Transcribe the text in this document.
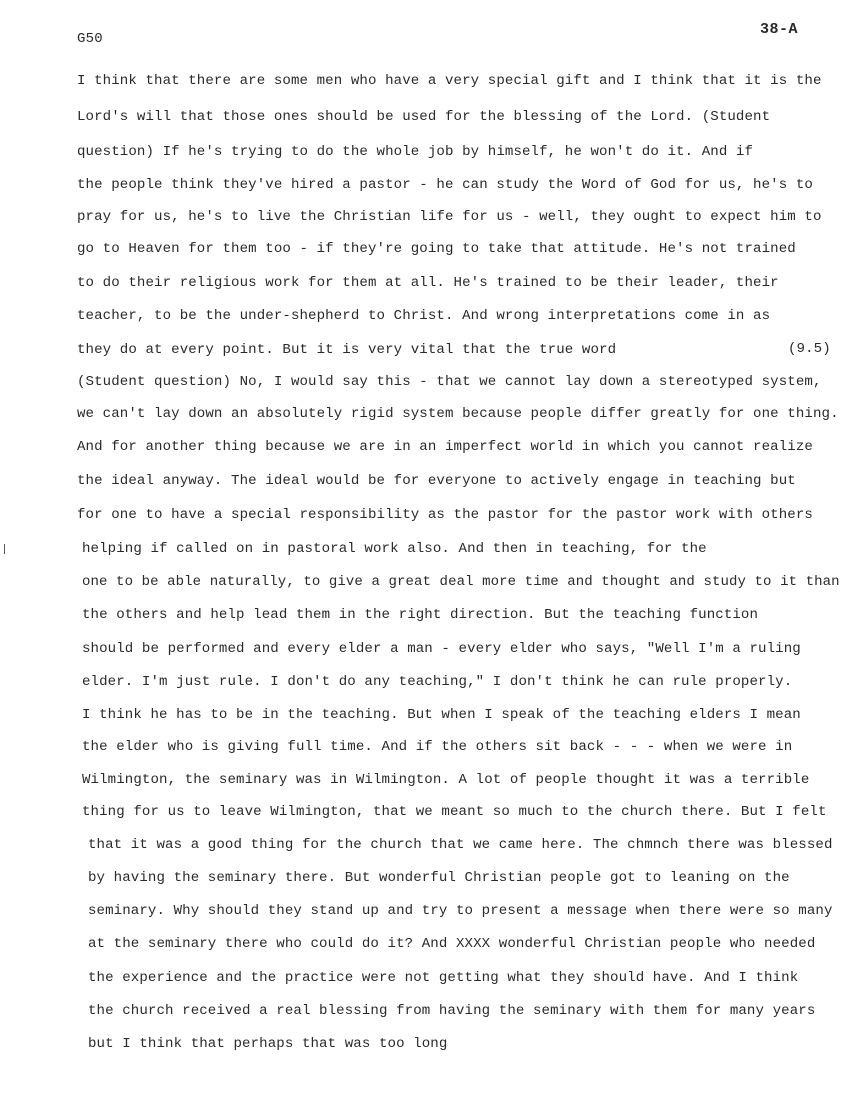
G50
38-A
I think that there are some men who have a very special gift and I think that it is the
Lord's will that those ones should be used for the blessing of the Lord. (Student
question) If he's trying to do the whole job by himself, he won't do it. And if
the people think they've hired a pastor - he can study the Word of God for us, he's to
pray for us, he's to live the Christian life for us - well, they ought to expect him to
go to Heaven for them too - if they're going to take that attitude. He's not trained
to do their religious work for them at all. He's trained to be their leader, their
teacher, to be the under-shepherd to Christ. And wrong interpretations come in as
they do at every point. But it is very vital that the true word	(9.5)
(Student question) No, I would say this - that we cannot lay down a stereotyped system,
we can't lay down an absolutely rigid system because people differ greatly for one thing.
And for another thing because we are in an imperfect world in which you cannot realize
the ideal anyway. The ideal would be for everyone to actively engage in teaching but
for one to have a special responsibility as the pastor for the pastor work with others
helping if called on in pastoral work also. And then in teaching, for the
one to be able naturally, to give a great deal more time and thought and study to it than
the others and help lead them in the right direction. But the teaching function
should be performed and every elder a man - every elder who says, "Well I'm a ruling
elder. I'm just rule. I don't do any teaching," I don't think he can rule properly.
I think he has to be in the teaching. But when I speak of the teaching elders I mean
the elder who is giving full time. And if the others sit back - - - when we were in
Wilmington, the seminary was in Wilmington. A lot of people thought it was a terrible
thing for us to leave Wilmington, that we meant so much to the church there. But I felt
that it was a good thing for the church that we came here. The chmnch there was blessed
by having the seminary there. But wonderful Christian people got to leaning on the
seminary. Why should they stand up and try to present a message when there were so many
at the seminary there who could do it? And XXXX wonderful Christian people who needed
the experience and the practice were not getting what they should have. And I think
the church received a real blessing from having the seminary with them for many years
but I think that perhaps that was too long
